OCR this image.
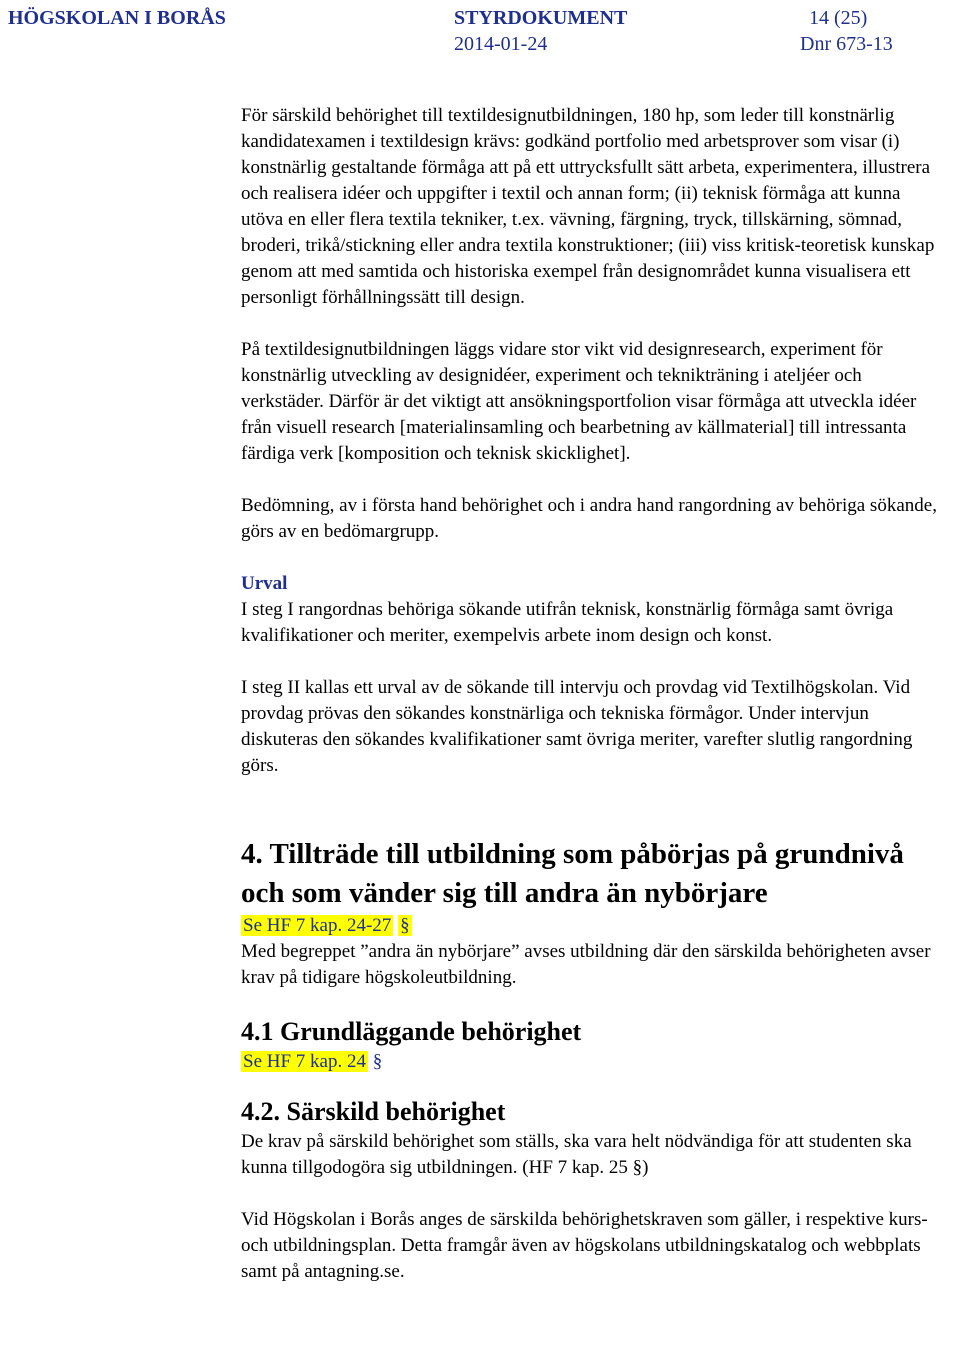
HÖGSKOLAN I BORÅS	STYRDOKUMENT	14 (25)
2014-01-24	Dnr 673-13

För särskild behörighet till textildesignutbildningen, 180 hp, som leder till konstnärlig kandidatexamen i textildesign krävs: godkänd portfolio med arbetsprover som visar (i) konstnärlig gestaltande förmåga att på ett uttrycksfullt sätt arbeta, experimentera, illustrera och realisera idéer och uppgifter i textil och annan form; (ii) teknisk förmåga att kunna utöva en eller flera textila tekniker, t.ex. vävning, färgning, tryck, tillskärning, sömnad, broderi, trikå/stickning eller andra textila konstruktioner; (iii) viss kritisk-teoretisk kunskap genom att med samtida och historiska exempel från designområdet kunna visualisera ett personligt förhållningssätt till design.

På textildesignutbildningen läggs vidare stor vikt vid designresearch, experiment för konstnärlig utveckling av designidéer, experiment och teknikträning i ateljéer och verkstäder. Därför är det viktigt att ansökningsportfolion visar förmåga att utveckla idéer från visuell research [materialinsamling och bearbetning av källmaterial] till intressanta färdiga verk [komposition och teknisk skicklighet].

Bedömning, av i första hand behörighet och i andra hand rangordning av behöriga sökande, görs av en bedömargrupp.

Urval

I steg I rangordnas behöriga sökande utifrån teknisk, konstnärlig förmåga samt övriga kvalifikationer och meriter, exempelvis arbete inom design och konst.

I steg II kallas ett urval av de sökande till intervju och provdag vid Textilhögskolan. Vid provdag prövas den sökandes konstnärliga och tekniska förmågor. Under intervjun diskuteras den sökandes kvalifikationer samt övriga meriter, varefter slutlig rangordning görs.

4. Tillträde till utbildning som påbörjas på grundnivå och som vänder sig till andra än nybörjare

Se HF 7 kap. 24-27 §

Med begreppet ”andra än nybörjare” avses utbildning där den särskilda behörigheten avser krav på tidigare högskoleutbildning.

4.1 Grundläggande behörighet

Se HF 7 kap. 24 §

4.2. Särskild behörighet

De krav på särskild behörighet som ställs, ska vara helt nödvändiga för att studenten ska kunna tillgodogöra sig utbildningen. (HF 7 kap. 25 §)

Vid Högskolan i Borås anges de särskilda behörighetskraven som gäller, i respektive kurs- och utbildningsplan. Detta framgår även av högskolans utbildningskatalog och webbplats samt på antagning.se.
